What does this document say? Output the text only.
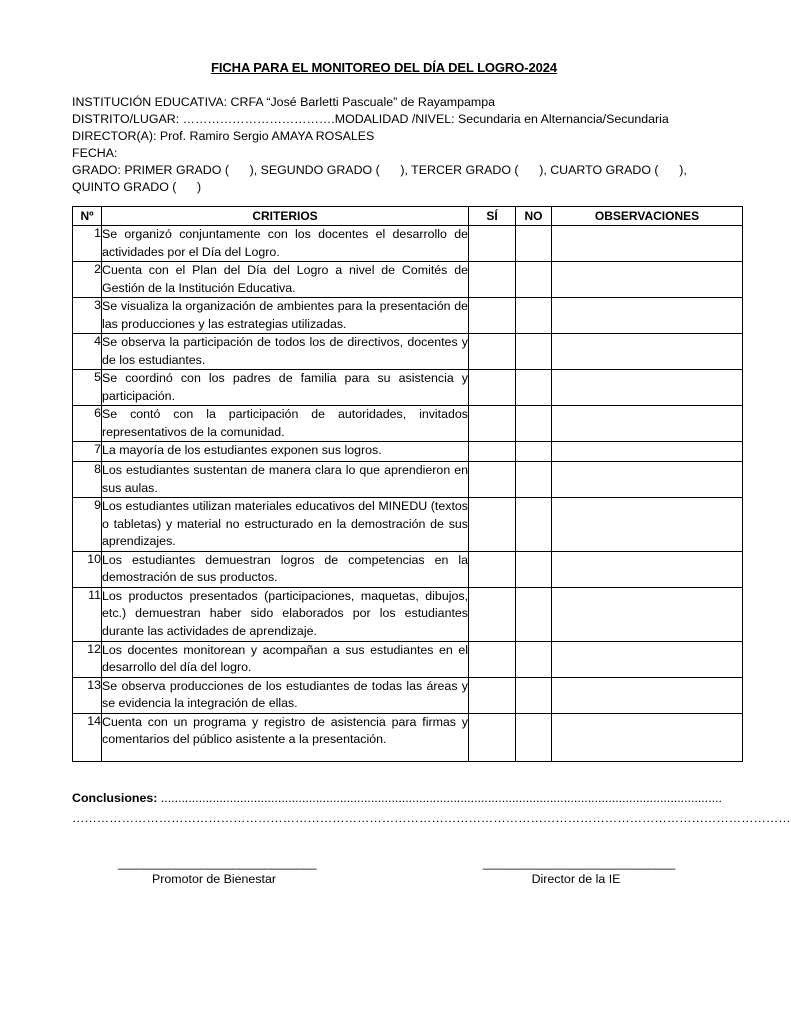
FICHA PARA EL MONITOREO DEL DÍA DEL LOGRO-2024
INSTITUCIÓN EDUCATIVA: CRFA “José Barletti Pascuale” de Rayampampa
DISTRITO/LUGAR: ……………………………….MODALIDAD /NIVEL: Secundaria en Alternancia/Secundaria
DIRECTOR(A): Prof. Ramiro Sergio AMAYA ROSALES
FECHA:
GRADO: PRIMER GRADO (      ), SEGUNDO GRADO (      ), TERCER GRADO (      ), CUARTO GRADO (      ),
QUINTO GRADO (      )
Nº	CRITERIOS	SÍ	NO	OBSERVACIONES
1	Se organizó conjuntamente con los docentes el desarrollo de actividades por el Día del Logro.			
2	Cuenta con el Plan del Día del Logro a nivel de Comités de Gestión de la Institución Educativa.			
3	Se visualiza la organización de ambientes para la presentación de las producciones y las estrategias utilizadas.			
4	Se observa la participación de todos los de directivos, docentes y de los estudiantes.			
5	Se coordinó con los padres de familia para su asistencia y participación.			
6	Se contó con la participación de autoridades, invitados representativos de la comunidad.			
7	La mayoría de los estudiantes exponen sus logros.			
8	Los estudiantes sustentan de manera clara lo que aprendieron en sus aulas.			
9	Los estudiantes utilizan materiales educativos del MINEDU (textos o tabletas) y material no estructurado en la demostración de sus aprendizajes.			
10	Los estudiantes demuestran logros de competencias en la demostración de sus productos.			
11	Los productos presentados (participaciones, maquetas, dibujos, etc.) demuestran haber sido elaborados por los estudiantes durante las actividades de aprendizaje.			
12	Los docentes monitorean y acompañan a sus estudiantes en el desarrollo del día del logro.			
13	Se observa producciones de los estudiantes de todas las áreas y se evidencia la integración de ellas.			
14	Cuenta con un programa y registro de asistencia para firmas y comentarios del público asistente a la presentación.			
Conclusiones: ...................................................................................................................................................................
…………………………………………………………………………………………………………………………………………………………
_______________________________
Promotor de Bienestar
______________________________
Director de la IE
